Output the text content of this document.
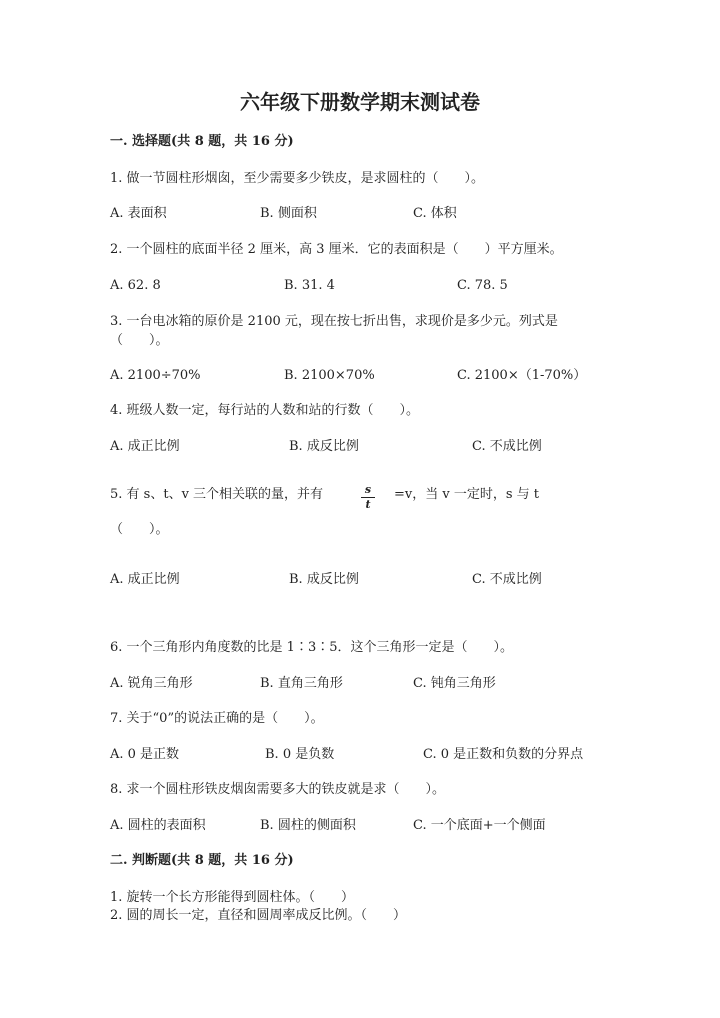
六年级下册数学期末测试卷
一. 选择题(共 8 题，共 16 分)
1. 做一节圆柱形烟囱，至少需要多少铁皮，是求圆柱的（　　）。
A. 表面积	B. 侧面积	C. 体积
2. 一个圆柱的底面半径 2 厘米，高 3 厘米．它的表面积是（　　）平方厘米。
A. 62. 8	B. 31. 4	C. 78. 5
3. 一台电冰箱的原价是 2100 元，现在按七折出售，求现价是多少元。列式是
（　　）。
A. 2100÷70%	B. 2100×70%	C. 2100×（1-70%）
4. 班级人数一定，每行站的人数和站的行数（　　）。
A. 成正比例	B. 成反比例	C. 不成比例
5. 有 s、t、v 三个相关联的量，并有	s
t
=v，当 v 一定时，s 与 t
（　　）。
A. 成正比例	B. 成反比例	C. 不成比例
6. 一个三角形内角度数的比是 1∶3∶5．这个三角形一定是（　　）。
A. 锐角三角形	B. 直角三角形	C. 钝角三角形
7. 关于“0”的说法正确的是（　　）。
A. 0 是正数	B. 0 是负数	C. 0 是正数和负数的分界点
8. 求一个圆柱形铁皮烟囱需要多大的铁皮就是求（　　）。
A. 圆柱的表面积	B. 圆柱的侧面积	C. 一个底面+一个侧面
二. 判断题(共 8 题，共 16 分)
1. 旋转一个长方形能得到圆柱体。（　　）
2. 圆的周长一定，直径和圆周率成反比例。（　　）
